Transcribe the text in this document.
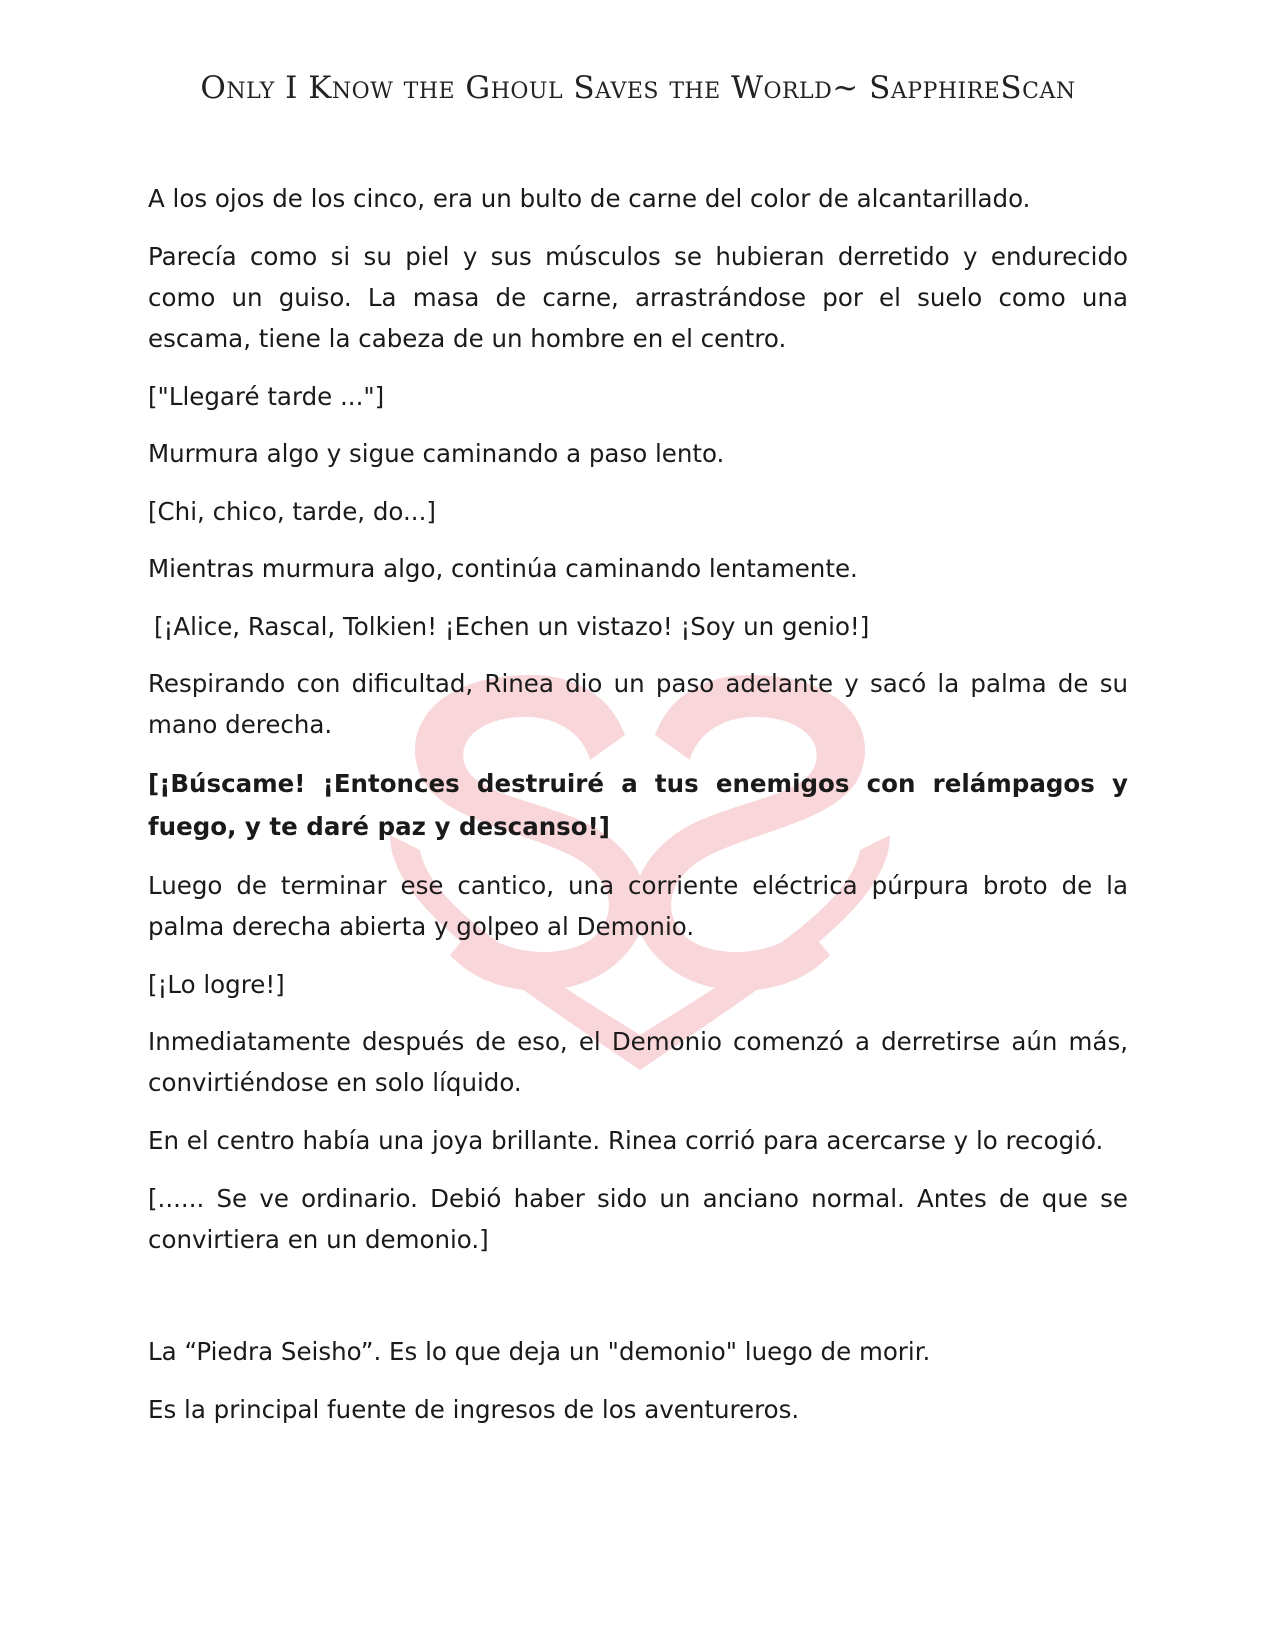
Only I Know the Ghoul Saves the World~ SapphireScan

A los ojos de los cinco, era un bulto de carne del color de alcantarillado.

Parecía como si su piel y sus músculos se hubieran derretido y endurecido como un guiso. La masa de carne, arrastrándose por el suelo como una escama, tiene la cabeza de un hombre en el centro.

["Llegaré tarde ..."]

Murmura algo y sigue caminando a paso lento.

[Chi, chico, tarde, do...]

Mientras murmura algo, continúa caminando lentamente.

[¡Alice, Rascal, Tolkien! ¡Echen un vistazo! ¡Soy un genio!]

Respirando con dificultad, Rinea dio un paso adelante y sacó la palma de su mano derecha.

[¡Búscame! ¡Entonces destruiré a tus enemigos con relámpagos y fuego, y te daré paz y descanso!]

Luego de terminar ese cantico, una corriente eléctrica púrpura broto de la palma derecha abierta y golpeo al Demonio.

[¡Lo logre!]

Inmediatamente después de eso, el Demonio comenzó a derretirse aún más, convirtiéndose en solo líquido.

En el centro había una joya brillante. Rinea corrió para acercarse y lo recogió.

[...... Se ve ordinario. Debió haber sido un anciano normal. Antes de que se convirtiera en un demonio.]

La “Piedra Seisho”. Es lo que deja un "demonio" luego de morir.

Es la principal fuente de ingresos de los aventureros.
